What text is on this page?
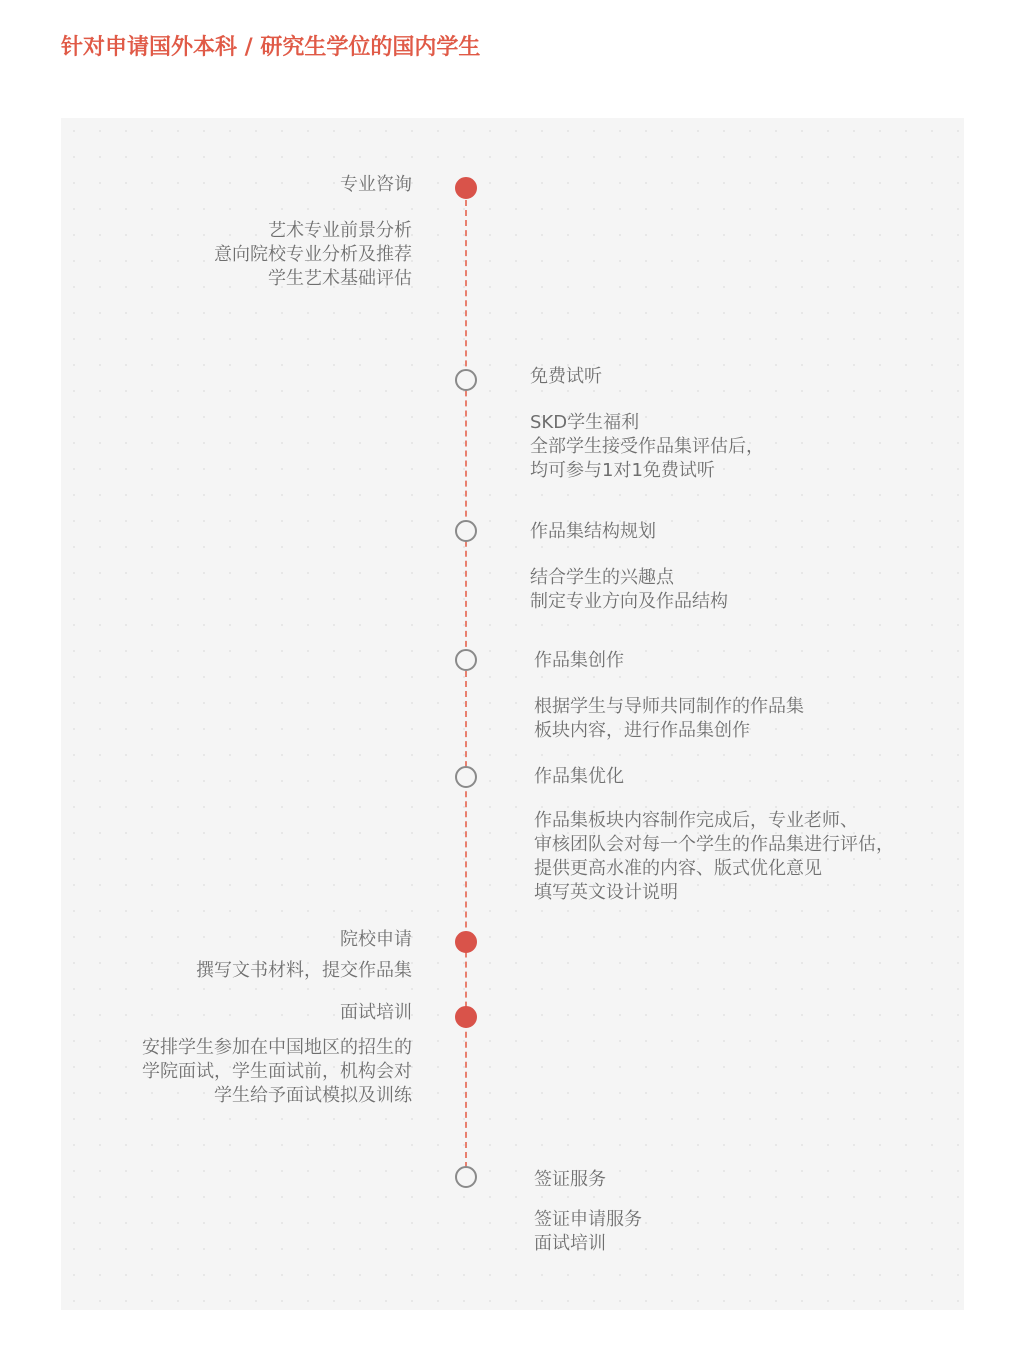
针对申请国外本科 / 研究生学位的国内学生
专业咨询
艺术专业前景分析
意向院校专业分析及推荐
学生艺术基础评估
免费试听
SKD学生福利
全部学生接受作品集评估后，
均可参与1对1免费试听
作品集结构规划
结合学生的兴趣点
制定专业方向及作品结构
作品集创作
根据学生与导师共同制作的作品集
板块内容，进行作品集创作
作品集优化
作品集板块内容制作完成后，专业老师、
审核团队会对每一个学生的作品集进行评估，
提供更高水准的内容、版式优化意见
填写英文设计说明
院校申请
撰写文书材料，提交作品集
面试培训
安排学生参加在中国地区的招生的
学院面试，学生面试前，机构会对
学生给予面试模拟及训练
签证服务
签证申请服务
面试培训
